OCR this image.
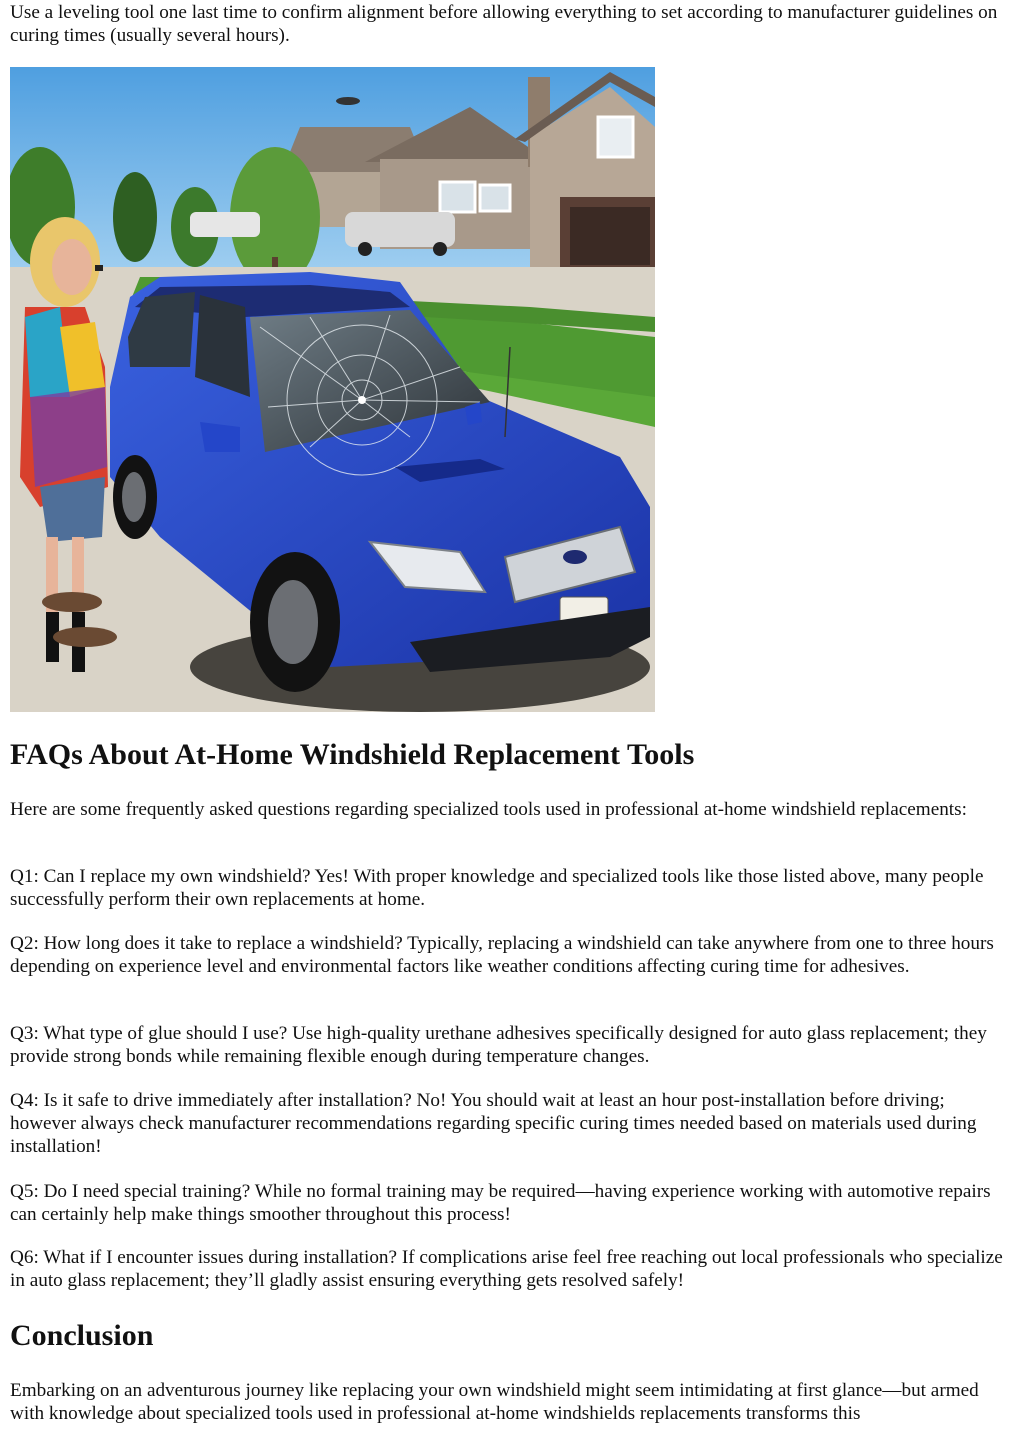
Use a leveling tool one last time to confirm alignment before allowing everything to set according to manufacturer guidelines on curing times (usually several hours).

FAQs About At-Home Windshield Replacement Tools

Here are some frequently asked questions regarding specialized tools used in professional at-home windshield replacements:

Q1: Can I replace my own windshield? Yes! With proper knowledge and specialized tools like those listed above, many people successfully perform their own replacements at home.

Q2: How long does it take to replace a windshield? Typically, replacing a windshield can take anywhere from one to three hours depending on experience level and environmental factors like weather conditions affecting curing time for adhesives.

Q3: What type of glue should I use? Use high-quality urethane adhesives specifically designed for auto glass replacement; they provide strong bonds while remaining flexible enough during temperature changes.

Q4: Is it safe to drive immediately after installation? No! You should wait at least an hour post-installation before driving; however always check manufacturer recommendations regarding specific curing times needed based on materials used during installation!

Q5: Do I need special training? While no formal training may be required—having experience working with automotive repairs can certainly help make things smoother throughout this process!

Q6: What if I encounter issues during installation? If complications arise feel free reaching out local professionals who specialize in auto glass replacement; they’ll gladly assist ensuring everything gets resolved safely!

Conclusion

Embarking on an adventurous journey like replacing your own windshield might seem intimidating at first glance—but armed with knowledge about specialized tools used in professional at-home windshields replacements transforms this
